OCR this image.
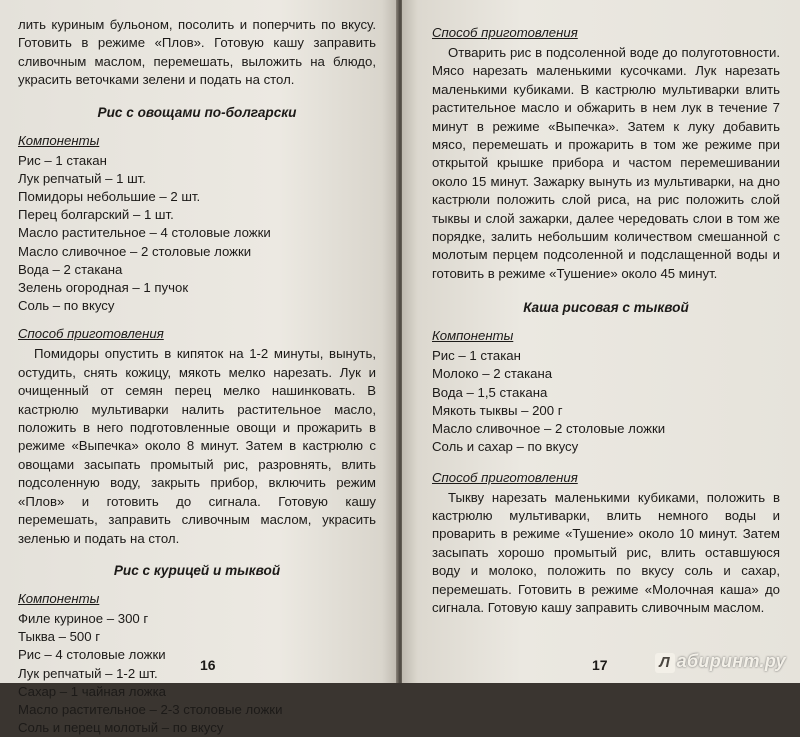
лить куриным бульоном, посолить и поперчить по вкусу. Готовить в режиме «Плов». Готовую кашу заправить сливочным маслом, перемешать, выложить на блюдо, украсить веточками зелени и подать на стол.

Рис с овощами по-болгарски
Компоненты
Рис – 1 стакан
Лук репчатый – 1 шт.
Помидоры небольшие – 2 шт.
Перец болгарский – 1 шт.
Масло растительное – 4 столовые ложки
Масло сливочное – 2 столовые ложки
Вода – 2 стакана
Зелень огородная – 1 пучок
Соль – по вкусу
Способ приготовления

Помидоры опустить в кипяток на 1-2 минуты, вынуть, остудить, снять кожицу, мякоть мелко нарезать. Лук и очищенный от семян перец мелко нашинковать. В кастрюлю мультиварки налить растительное масло, положить в него подготовленные овощи и прожарить в режиме «Выпечка» около 8 минут. Затем в кастрюлю с овощами засыпать промытый рис, разровнять, влить подсоленную воду, закрыть прибор, включить режим «Плов» и готовить до сигнала. Готовую кашу перемешать, заправить сливочным маслом, украсить зеленью и подать на стол.

Рис с курицей и тыквой
Компоненты
Филе куриное – 300 г
Тыква – 500 г
Рис – 4 столовые ложки
Лук репчатый – 1-2 шт.
Сахар – 1 чайная ложка
Масло растительное – 2-3 столовые ложки
Соль и перец молотый – по вкусу
16
Способ приготовления

Отварить рис в подсоленной воде до полуготовности. Мясо нарезать маленькими кусочками. Лук нарезать маленькими кубиками. В кастрюлю мультиварки влить растительное масло и обжарить в нем лук в течение 7 минут в режиме «Выпечка». Затем к луку добавить мясо, перемешать и прожарить в том же режиме при открытой крышке прибора и частом перемешивании около 15 минут. Зажарку вынуть из мультиварки, на дно кастрюли положить слой риса, на рис положить слой тыквы и слой зажарки, далее чередовать слои в том же порядке, залить небольшим количеством смешанной с молотым перцем подсоленной и подслащенной воды и готовить в режиме «Тушение» около 45 минут.

Каша рисовая с тыквой
Компоненты
Рис – 1 стакан
Молоко – 2 стакана
Вода – 1,5 стакана
Мякоть тыквы – 200 г
Масло сливочное – 2 столовые ложки
Соль и сахар – по вкусу
Способ приготовления

Тыкву нарезать маленькими кубиками, положить в кастрюлю мультиварки, влить немного воды и проварить в режиме «Тушение» около 10 минут. Затем засыпать хорошо промытый рис, влить оставшуюся воду и молоко, положить по вкусу соль и сахар, перемешать. Готовить в режиме «Молочная каша» до сигнала. Готовую кашу заправить сливочным маслом.

17	Л абиринт.ру
